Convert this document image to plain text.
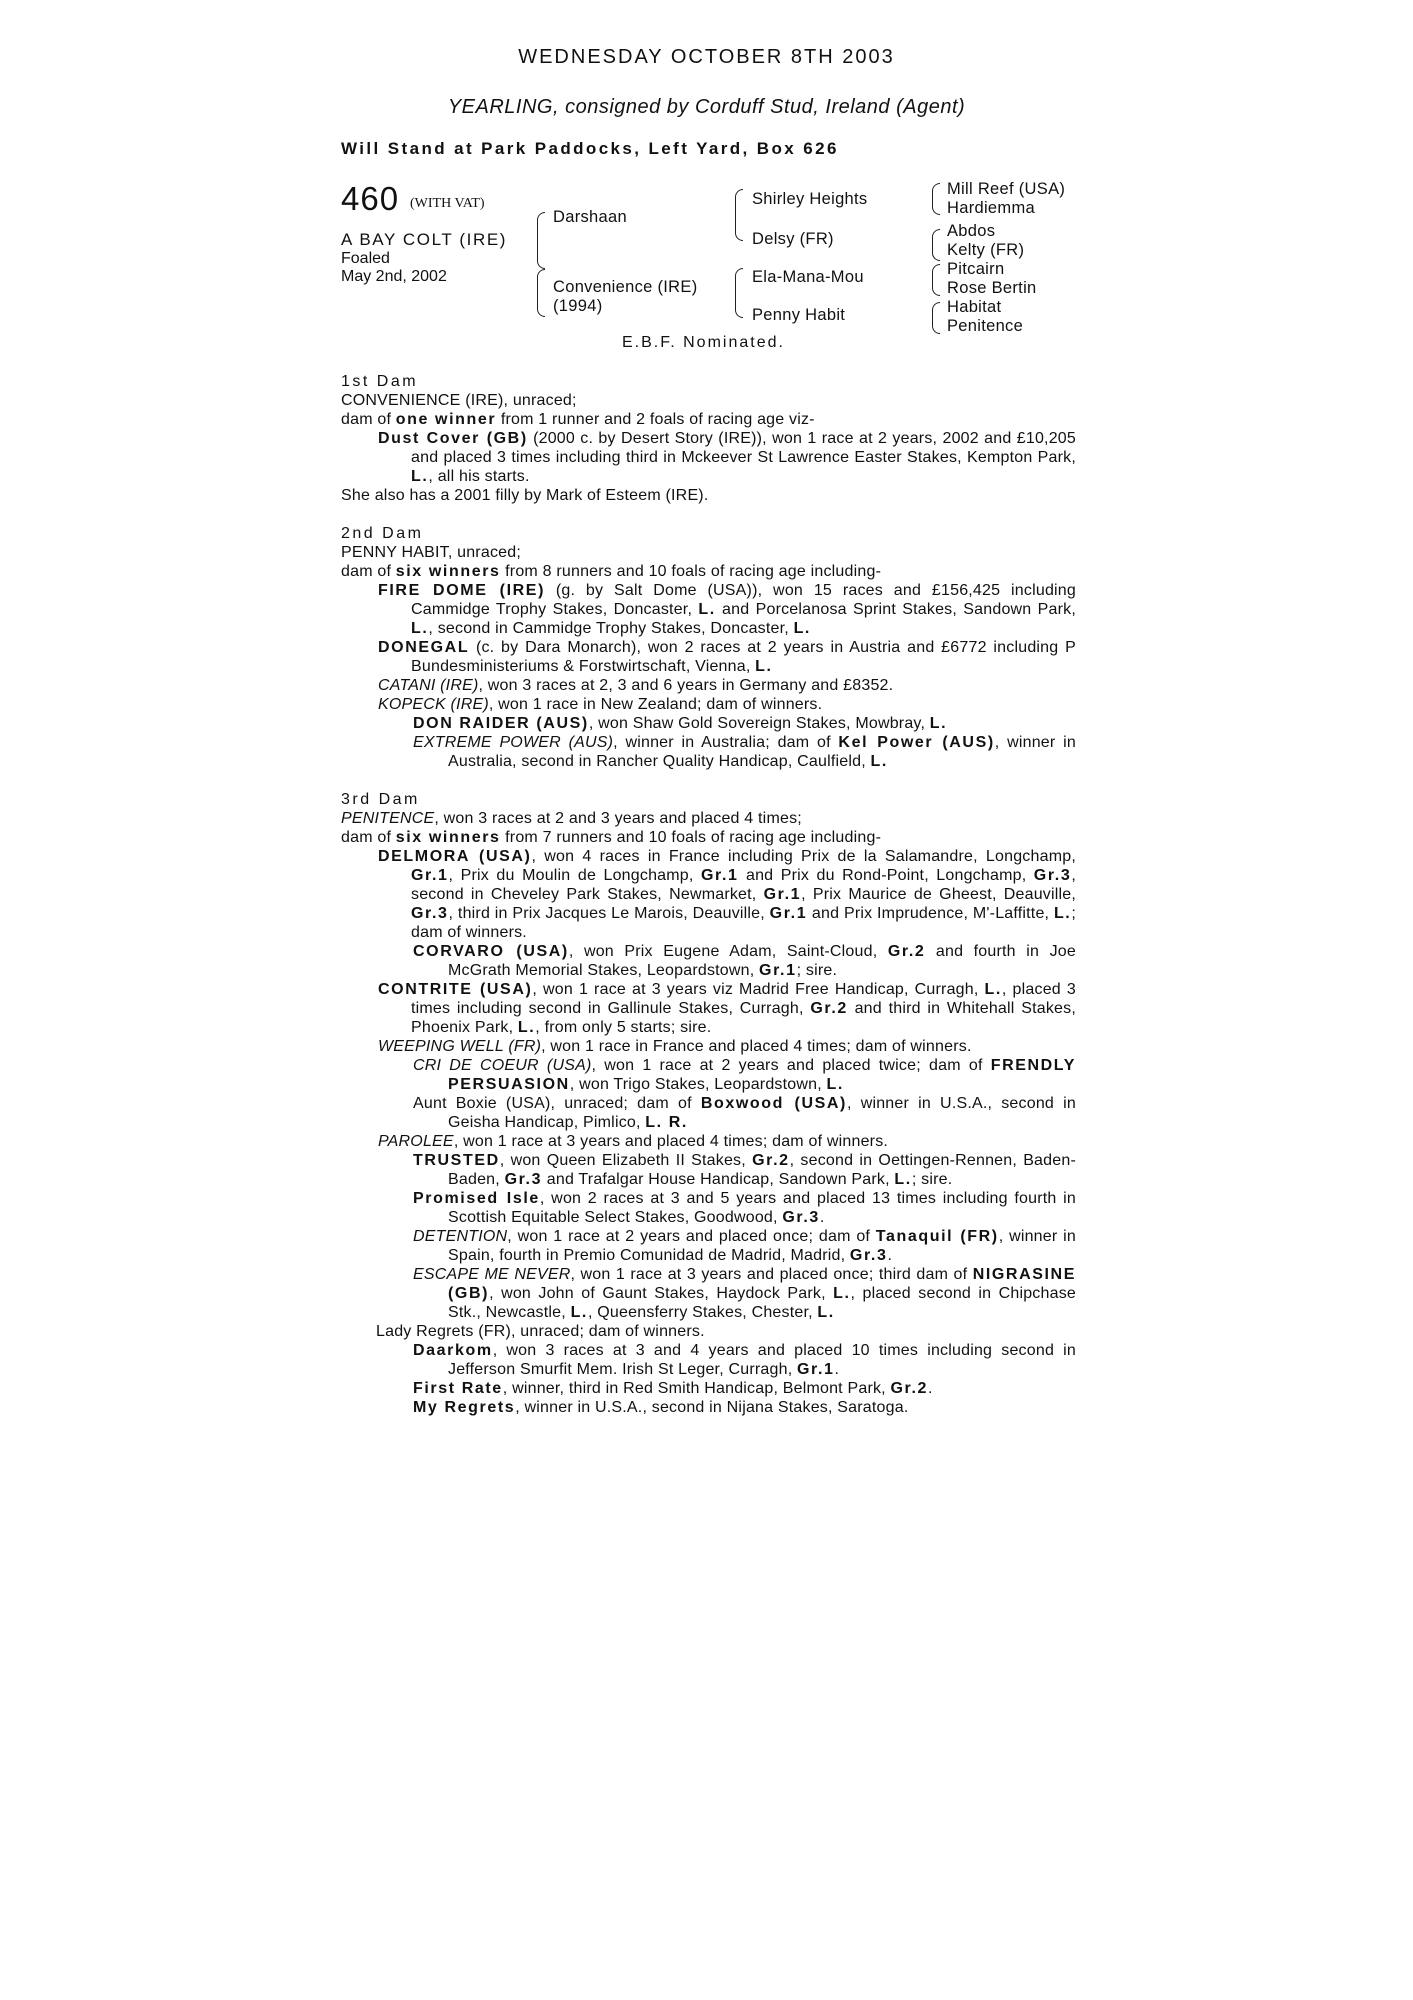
WEDNESDAY OCTOBER 8TH 2003
YEARLING, consigned by Corduff Stud, Ireland (Agent)
Will Stand at Park Paddocks, Left Yard, Box 626
460 (WITH VAT)
A BAY COLT (IRE)
Foaled
May 2nd, 2002
Darshaan
Convenience (IRE)
(1994)
Shirley Heights
Delsy (FR)
Ela-Mana-Mou
Penny Habit
Mill Reef (USA)
Hardiemma
Abdos
Kelty (FR)
Pitcairn
Rose Bertin
Habitat
Penitence
E.B.F. Nominated.

1st Dam

CONVENIENCE (IRE), unraced;

dam of one winner from 1 runner and 2 foals of racing age viz-

Dust Cover (GB) (2000 c. by Desert Story (IRE)), won 1 race at 2 years, 2002 and £10,205 and placed 3 times including third in Mckeever St Lawrence Easter Stakes, Kempton Park, L., all his starts.

She also has a 2001 filly by Mark of Esteem (IRE).

2nd Dam

PENNY HABIT, unraced;

dam of six winners from 8 runners and 10 foals of racing age including-

FIRE DOME (IRE) (g. by Salt Dome (USA)), won 15 races and £156,425 including Cammidge Trophy Stakes, Doncaster, L. and Porcelanosa Sprint Stakes, Sandown Park, L., second in Cammidge Trophy Stakes, Doncaster, L.

DONEGAL (c. by Dara Monarch), won 2 races at 2 years in Austria and £6772 including P Bundesministeriums & Forstwirtschaft, Vienna, L.

CATANI (IRE), won 3 races at 2, 3 and 6 years in Germany and £8352.

KOPECK (IRE), won 1 race in New Zealand; dam of winners.

DON RAIDER (AUS), won Shaw Gold Sovereign Stakes, Mowbray, L.

EXTREME POWER (AUS), winner in Australia; dam of Kel Power (AUS), winner in Australia, second in Rancher Quality Handicap, Caulfield, L.

3rd Dam

PENITENCE, won 3 races at 2 and 3 years and placed 4 times;

dam of six winners from 7 runners and 10 foals of racing age including-

DELMORA (USA), won 4 races in France including Prix de la Salamandre, Longchamp, Gr.1, Prix du Moulin de Longchamp, Gr.1 and Prix du Rond-Point, Longchamp, Gr.3, second in Cheveley Park Stakes, Newmarket, Gr.1, Prix Maurice de Gheest, Deauville, Gr.3, third in Prix Jacques Le Marois, Deauville, Gr.1 and Prix Imprudence, M'-Laffitte, L.; dam of winners.

CORVARO (USA), won Prix Eugene Adam, Saint-Cloud, Gr.2 and fourth in Joe McGrath Memorial Stakes, Leopardstown, Gr.1; sire.

CONTRITE (USA), won 1 race at 3 years viz Madrid Free Handicap, Curragh, L., placed 3 times including second in Gallinule Stakes, Curragh, Gr.2 and third in Whitehall Stakes, Phoenix Park, L., from only 5 starts; sire.

WEEPING WELL (FR), won 1 race in France and placed 4 times; dam of winners.

CRI DE COEUR (USA), won 1 race at 2 years and placed twice; dam of FRENDLY PERSUASION, won Trigo Stakes, Leopardstown, L.

Aunt Boxie (USA), unraced; dam of Boxwood (USA), winner in U.S.A., second in Geisha Handicap, Pimlico, L. R.

PAROLEE, won 1 race at 3 years and placed 4 times; dam of winners.

TRUSTED, won Queen Elizabeth II Stakes, Gr.2, second in Oettingen-Rennen, Baden-Baden, Gr.3 and Trafalgar House Handicap, Sandown Park, L.; sire.

Promised Isle, won 2 races at 3 and 5 years and placed 13 times including fourth in Scottish Equitable Select Stakes, Goodwood, Gr.3.

DETENTION, won 1 race at 2 years and placed once; dam of Tanaquil (FR), winner in Spain, fourth in Premio Comunidad de Madrid, Madrid, Gr.3.

ESCAPE ME NEVER, won 1 race at 3 years and placed once; third dam of NIGRASINE (GB), won John of Gaunt Stakes, Haydock Park, L., placed second in Chipchase Stk., Newcastle, L., Queensferry Stakes, Chester, L.

Lady Regrets (FR), unraced; dam of winners.

Daarkom, won 3 races at 3 and 4 years and placed 10 times including second in Jefferson Smurfit Mem. Irish St Leger, Curragh, Gr.1.

First Rate, winner, third in Red Smith Handicap, Belmont Park, Gr.2.

My Regrets, winner in U.S.A., second in Nijana Stakes, Saratoga.
